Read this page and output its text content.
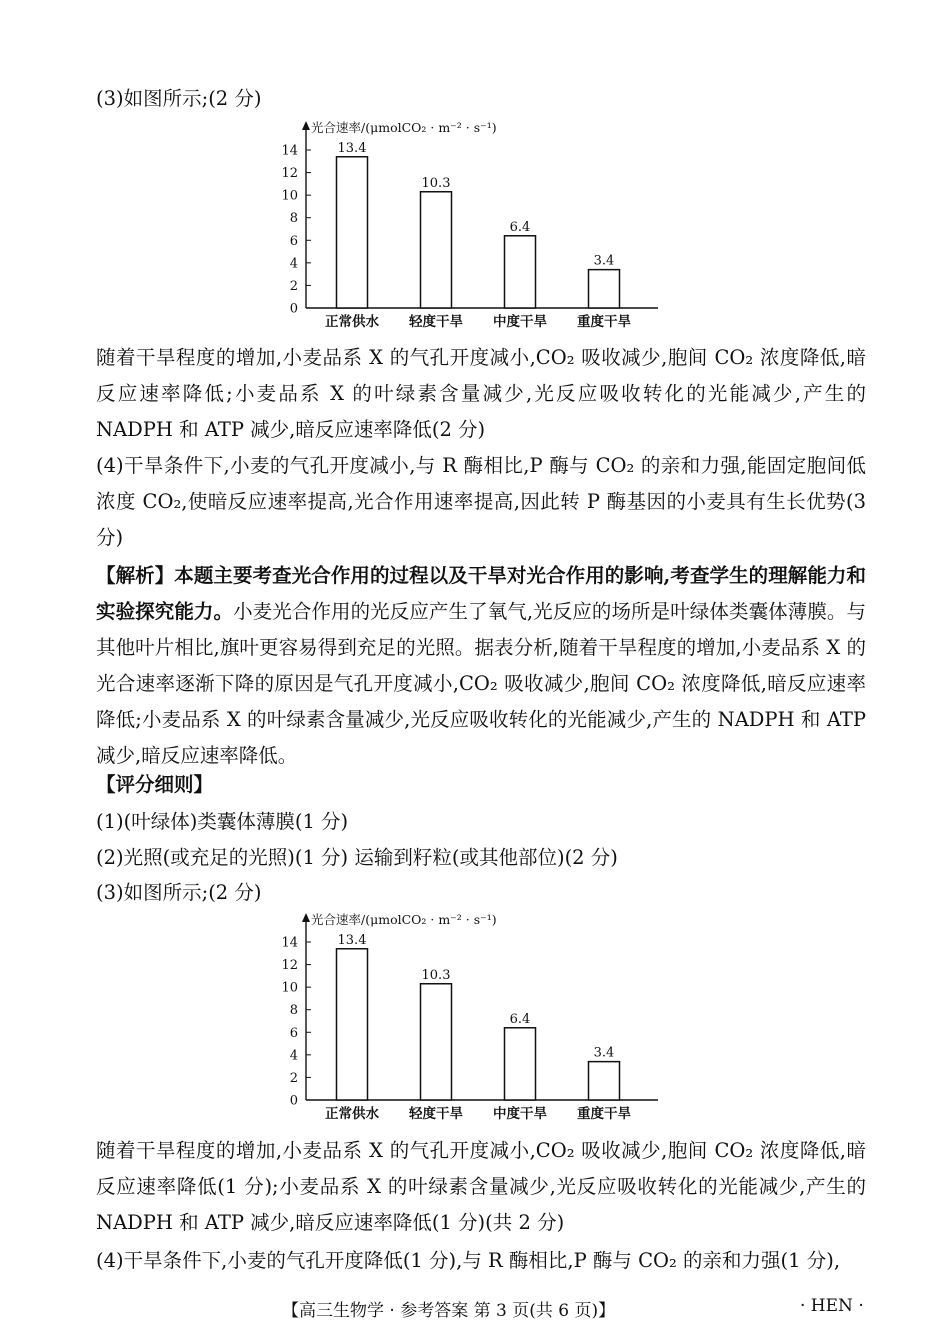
(3)如图所示;(2 分)
光合速率/(μmolCO₂ · m⁻² · s⁻¹)
0
2
4
6
8
10
12
14	13.4
正常供水
10.3
轻度干旱
6.4
中度干旱
3.4
重度干旱
随着干旱程度的增加,小麦品系 X 的气孔开度减小,CO₂ 吸收减少,胞间 CO₂ 浓度降低,暗反应速率降低;小麦品系 X 的叶绿素含量减少,光反应吸收转化的光能减少,产生的 NADPH 和 ATP 减少,暗反应速率降低(2 分)
(4)干旱条件下,小麦的气孔开度减小,与 R 酶相比,P 酶与 CO₂ 的亲和力强,能固定胞间低浓度 CO₂,使暗反应速率提高,光合作用速率提高,因此转 P 酶基因的小麦具有生长优势(3 分)
【解析】本题主要考查光合作用的过程以及干旱对光合作用的影响,考查学生的理解能力和实验探究能力。小麦光合作用的光反应产生了氧气,光反应的场所是叶绿体类囊体薄膜。与其他叶片相比,旗叶更容易得到充足的光照。据表分析,随着干旱程度的增加,小麦品系 X 的光合速率逐渐下降的原因是气孔开度减小,CO₂ 吸收减少,胞间 CO₂ 浓度降低,暗反应速率降低;小麦品系 X 的叶绿素含量减少,光反应吸收转化的光能减少,产生的 NADPH 和 ATP 减少,暗反应速率降低。
【评分细则】
(1)(叶绿体)类囊体薄膜(1 分)
(2)光照(或充足的光照)(1 分) 运输到籽粒(或其他部位)(2 分)
(3)如图所示;(2 分)
光合速率/(μmolCO₂ · m⁻² · s⁻¹)
0
2
4
6
8
10
12
14	13.4
正常供水
10.3
轻度干旱
6.4
中度干旱
3.4
重度干旱
随着干旱程度的增加,小麦品系 X 的气孔开度减小,CO₂ 吸收减少,胞间 CO₂ 浓度降低,暗反应速率降低(1 分);小麦品系 X 的叶绿素含量减少,光反应吸收转化的光能减少,产生的 NADPH 和 ATP 减少,暗反应速率降低(1 分)(共 2 分)
(4)干旱条件下,小麦的气孔开度降低(1 分),与 R 酶相比,P 酶与 CO₂ 的亲和力强(1 分),
【高三生物学 · 参考答案 第 3 页(共 6 页)】	· HEN ·
